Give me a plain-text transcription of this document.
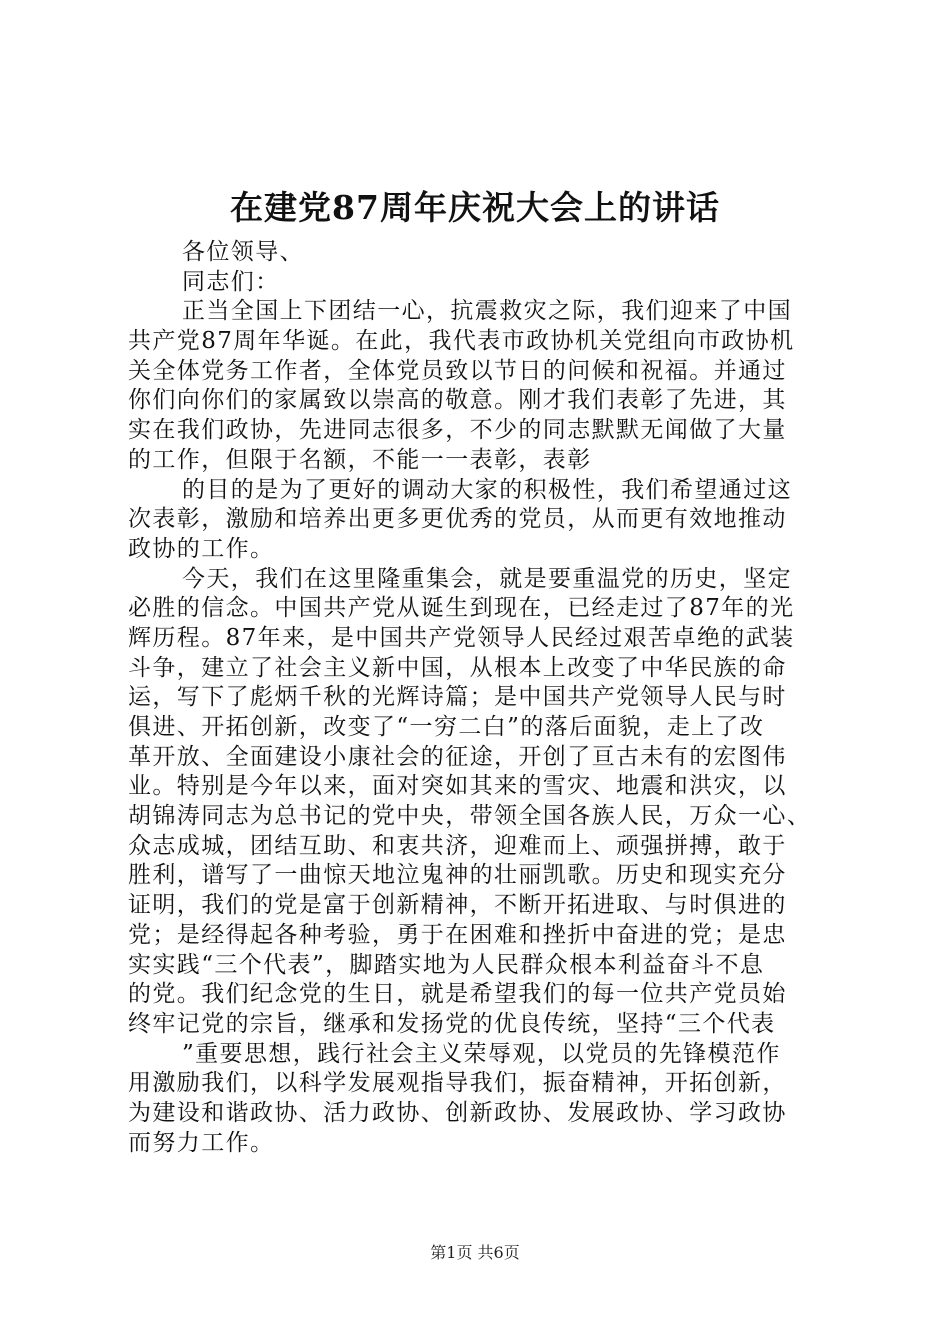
在建党87周年庆祝大会上的讲话
各位领导、
同志们：
正当全国上下团结一心，抗震救灾之际，我们迎来了中国
共产党87周年华诞。在此，我代表市政协机关党组向市政协机
关全体党务工作者，全体党员致以节日的问候和祝福。并通过
你们向你们的家属致以崇高的敬意。刚才我们表彰了先进，其
实在我们政协，先进同志很多，不少的同志默默无闻做了大量
的工作，但限于名额，不能一一表彰，表彰
的目的是为了更好的调动大家的积极性，我们希望通过这
次表彰，激励和培养出更多更优秀的党员，从而更有效地推动
政协的工作。
今天，我们在这里隆重集会，就是要重温党的历史，坚定
必胜的信念。中国共产党从诞生到现在，已经走过了87年的光
辉历程。87年来，是中国共产党领导人民经过艰苦卓绝的武装
斗争，建立了社会主义新中国，从根本上改变了中华民族的命
运，写下了彪炳千秋的光辉诗篇；是中国共产党领导人民与时
俱进、开拓创新，改变了“一穷二白”的落后面貌，走上了改
革开放、全面建设小康社会的征途，开创了亘古未有的宏图伟
业。特别是今年以来，面对突如其来的雪灾、地震和洪灾，以
胡锦涛同志为总书记的党中央，带领全国各族人民，万众一心、
众志成城，团结互助、和衷共济，迎难而上、顽强拼搏，敢于
胜利，谱写了一曲惊天地泣鬼神的壮丽凯歌。历史和现实充分
证明，我们的党是富于创新精神，不断开拓进取、与时俱进的
党；是经得起各种考验，勇于在困难和挫折中奋进的党；是忠
实实践“三个代表”，脚踏实地为人民群众根本利益奋斗不息
的党。我们纪念党的生日，就是希望我们的每一位共产党员始
终牢记党的宗旨，继承和发扬党的优良传统，坚持“三个代表
”重要思想，践行社会主义荣辱观，以党员的先锋模范作
用激励我们，以科学发展观指导我们，振奋精神，开拓创新，
为建设和谐政协、活力政协、创新政协、发展政协、学习政协
而努力工作。
第1页 共6页
